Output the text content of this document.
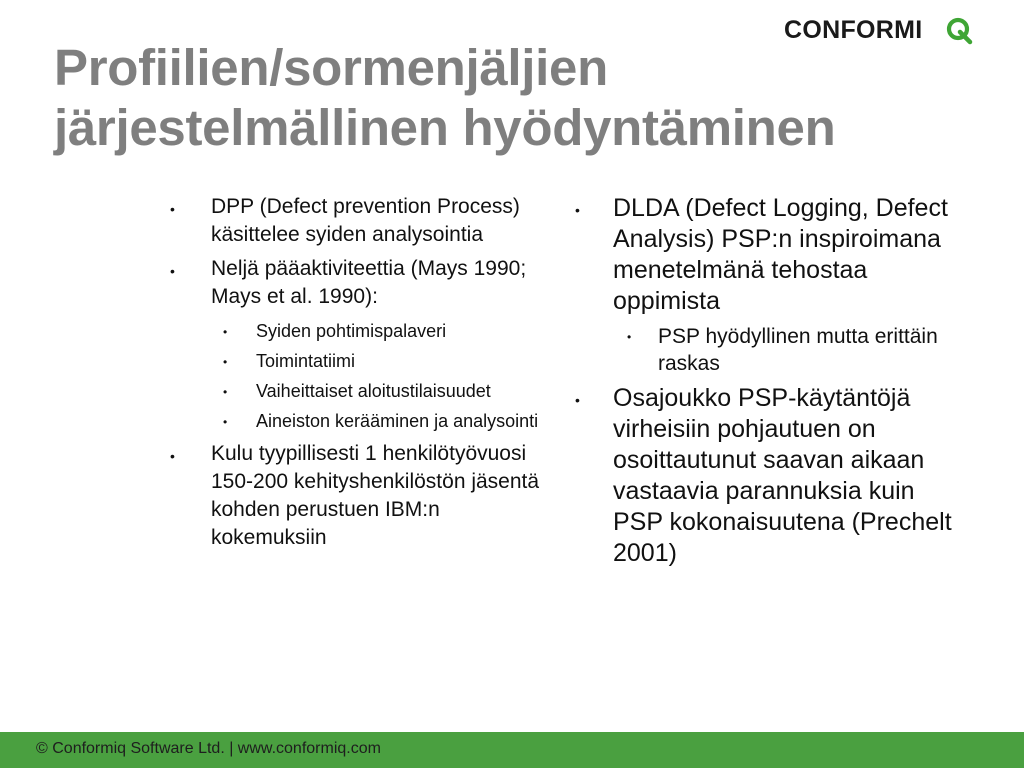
CONFORMI
Profiilien/sormenjäljien
järjestelmällinen hyödyntäminen
• DPP (Defect prevention Process) käsittelee syiden analysointia
• Neljä pääaktiviteettia (Mays 1990; Mays et al. 1990):
• Syiden pohtimispalaveri
• Toimintatiimi
• Vaiheittaiset aloitustilaisuudet
• Aineiston kerääminen ja analysointi
• Kulu tyypillisesti 1 henkilötyövuosi 150-200 kehityshenkilöstön jäsentä kohden perustuen IBM:n kokemuksiin
• DLDA (Defect Logging, Defect Analysis) PSP:n inspiroimana menetelmänä tehostaa oppimista
• PSP hyödyllinen mutta erittäin raskas
• Osajoukko PSP-käytäntöjä virheisiin pohjautuen on osoittautunut saavan aikaan vastaavia parannuksia kuin PSP kokonaisuutena (Prechelt 2001)
© Conformiq Software Ltd. | www.conformiq.com
